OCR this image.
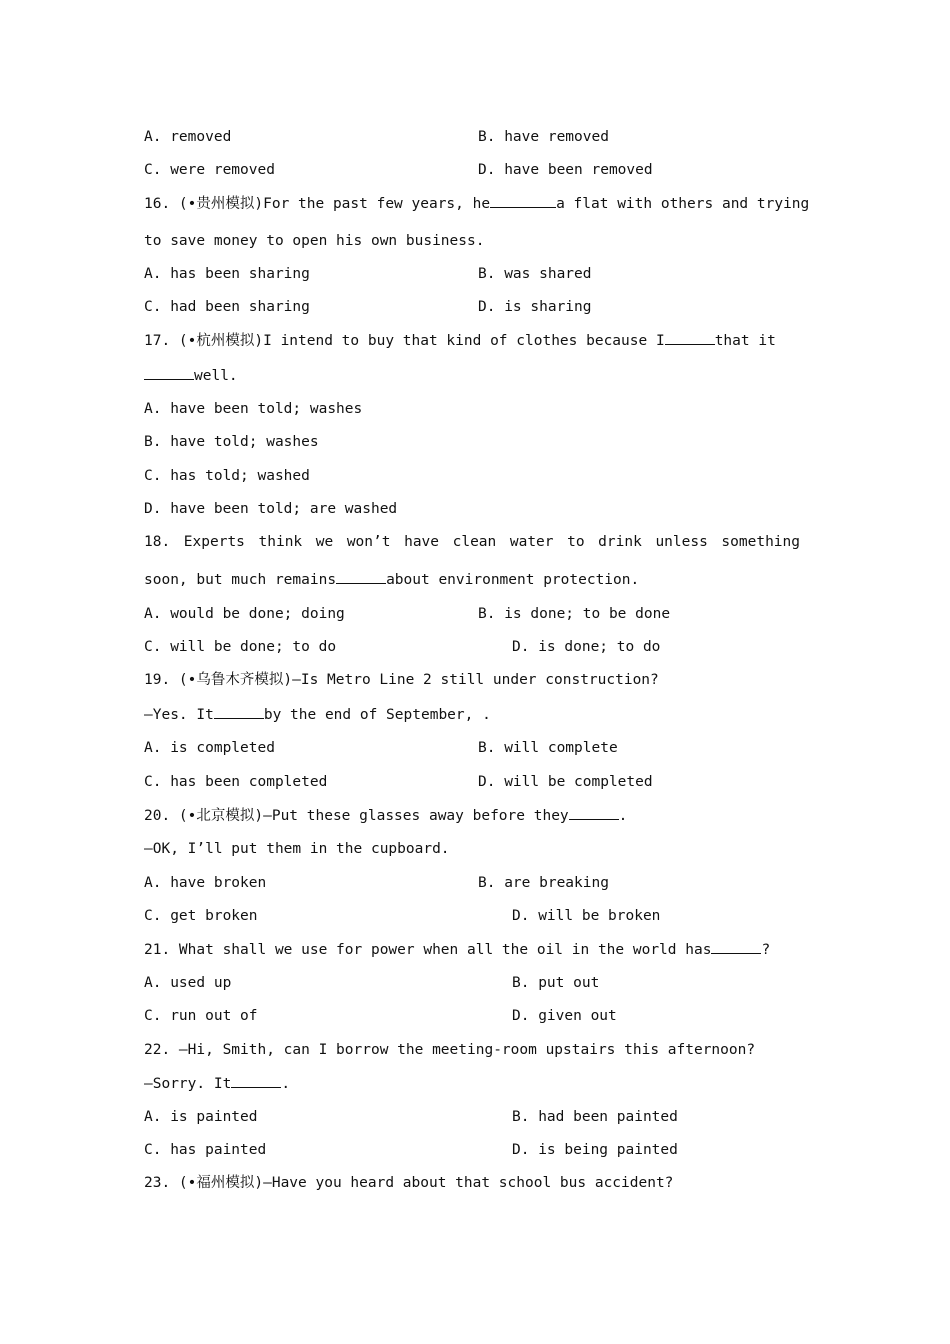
A. removed	B. have removed
C. were removed	D. have been removed
16. (•贵州模拟)For the past few years, he	a flat with others and trying
to save money to open his own business.
A. has been sharing	B. was shared
C. had been sharing	D. is sharing
17. (•杭州模拟)I intend to buy that kind of clothes because I	that it
well.
A. have been told; washes
B. have told; washes
C. has told; washed
D. have been told; are washed
18. Experts think we won’t have clean water to drink unless something
soon, but much remains	about environment protection.
A. would be done; doing	B. is done; to be done
C. will be done; to do	D. is done; to do
19. (•乌鲁木齐模拟)—Is Metro Line 2 still under construction?
—Yes. It	by the end of September, .
A. is completed	B. will complete
C. has been completed	D. will be completed
20. (•北京模拟)—Put these glasses away before they	.
—OK, I’ll put them in the cupboard.
A. have broken	B. are breaking
C. get broken	D. will be broken
21. What shall we use for power when all the oil in the world has	?
A. used up	B. put out
C. run out of	D. given out
22. —Hi, Smith, can I borrow the meeting-room upstairs this afternoon?
—Sorry. It	.
A. is painted	B. had been painted
C. has painted	D. is being painted
23. (•福州模拟)—Have you heard about that school bus accident?
